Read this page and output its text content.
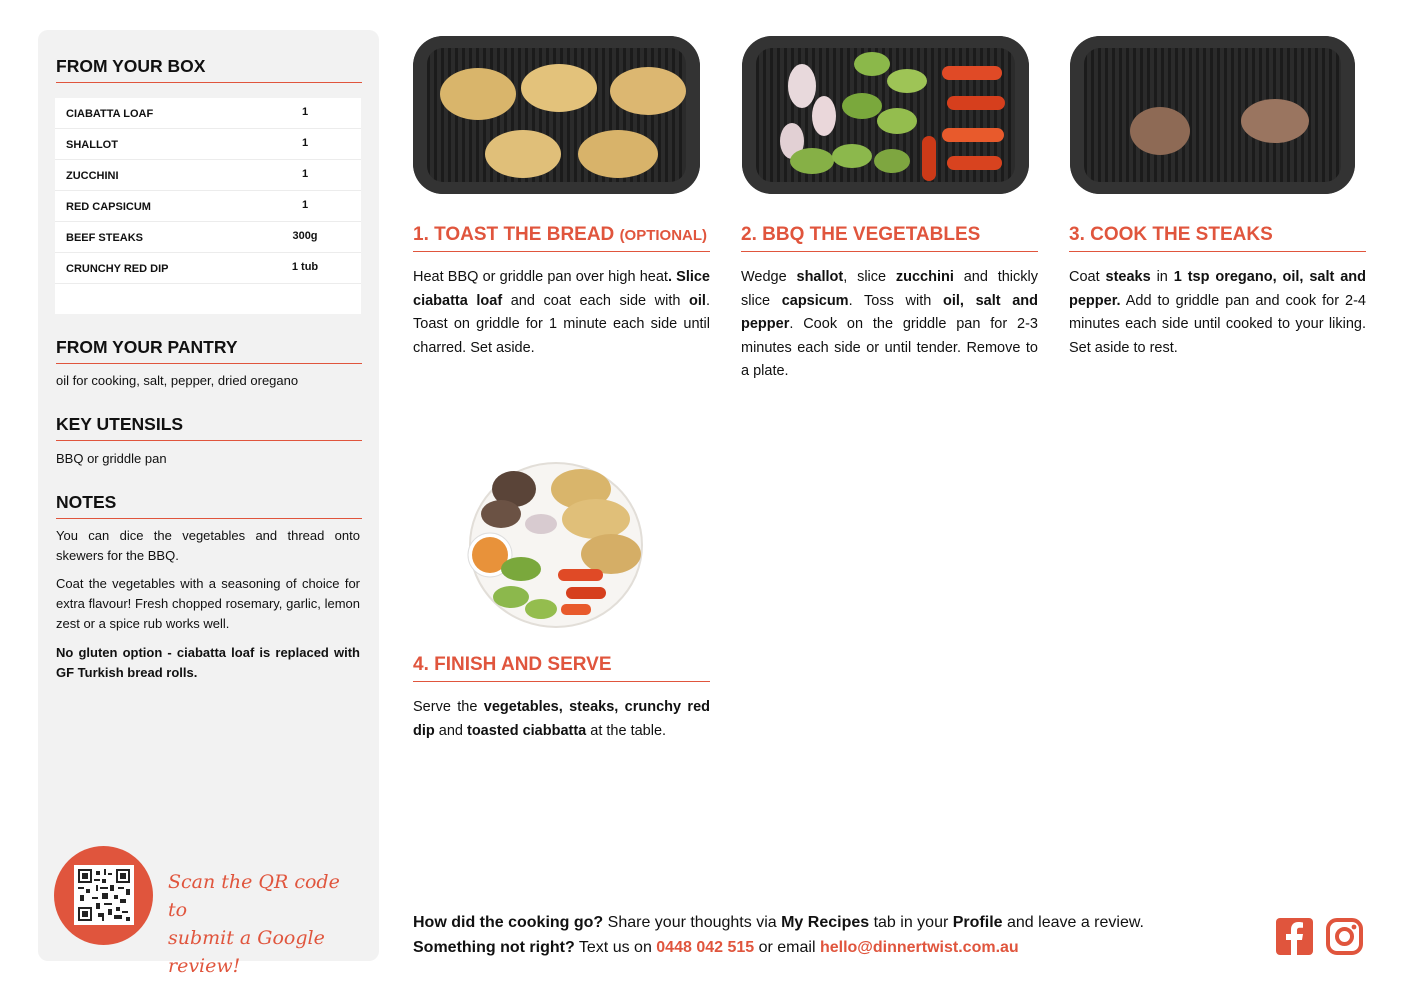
FROM YOUR BOX
CIABATTA LOAF	1
SHALLOT	1
ZUCCHINI	1
RED CAPSICUM	1
BEEF STEAKS	300g
CRUNCHY RED DIP	1 tub
FROM YOUR PANTRY
oil for cooking, salt, pepper, dried oregano
KEY UTENSILS
BBQ or griddle pan
NOTES
You can dice the vegetables and thread onto skewers for the BBQ.
Coat the vegetables with a seasoning of choice for extra flavour! Fresh chopped rosemary, garlic, lemon zest or a spice rub works well.
No gluten option - ciabatta loaf is replaced with GF Turkish bread rolls.
Scan the QR code to
submit a Google review!
1. TOAST THE BREAD (OPTIONAL)
Heat BBQ or griddle pan over high heat. Slice ciabatta loaf and coat each side with oil. Toast on griddle for 1 minute each side until charred. Set aside.
2. BBQ THE VEGETABLES
Wedge shallot, slice zucchini and thickly slice capsicum. Toss with oil, salt and pepper. Cook on the griddle pan for 2-3 minutes each side or until tender. Remove to a plate.
3. COOK THE STEAKS
Coat steaks in 1 tsp oregano, oil, salt and pepper. Add to griddle pan and cook for 2-4 minutes each side until cooked to your liking. Set aside to rest.
4. FINISH AND SERVE
Serve the vegetables, steaks, crunchy red dip and toasted ciabbatta at the table.
How did the cooking go? Share your thoughts via My Recipes tab in your Profile and leave a review.
Something not right? Text us on 0448 042 515 or email hello@dinnertwist.com.au
